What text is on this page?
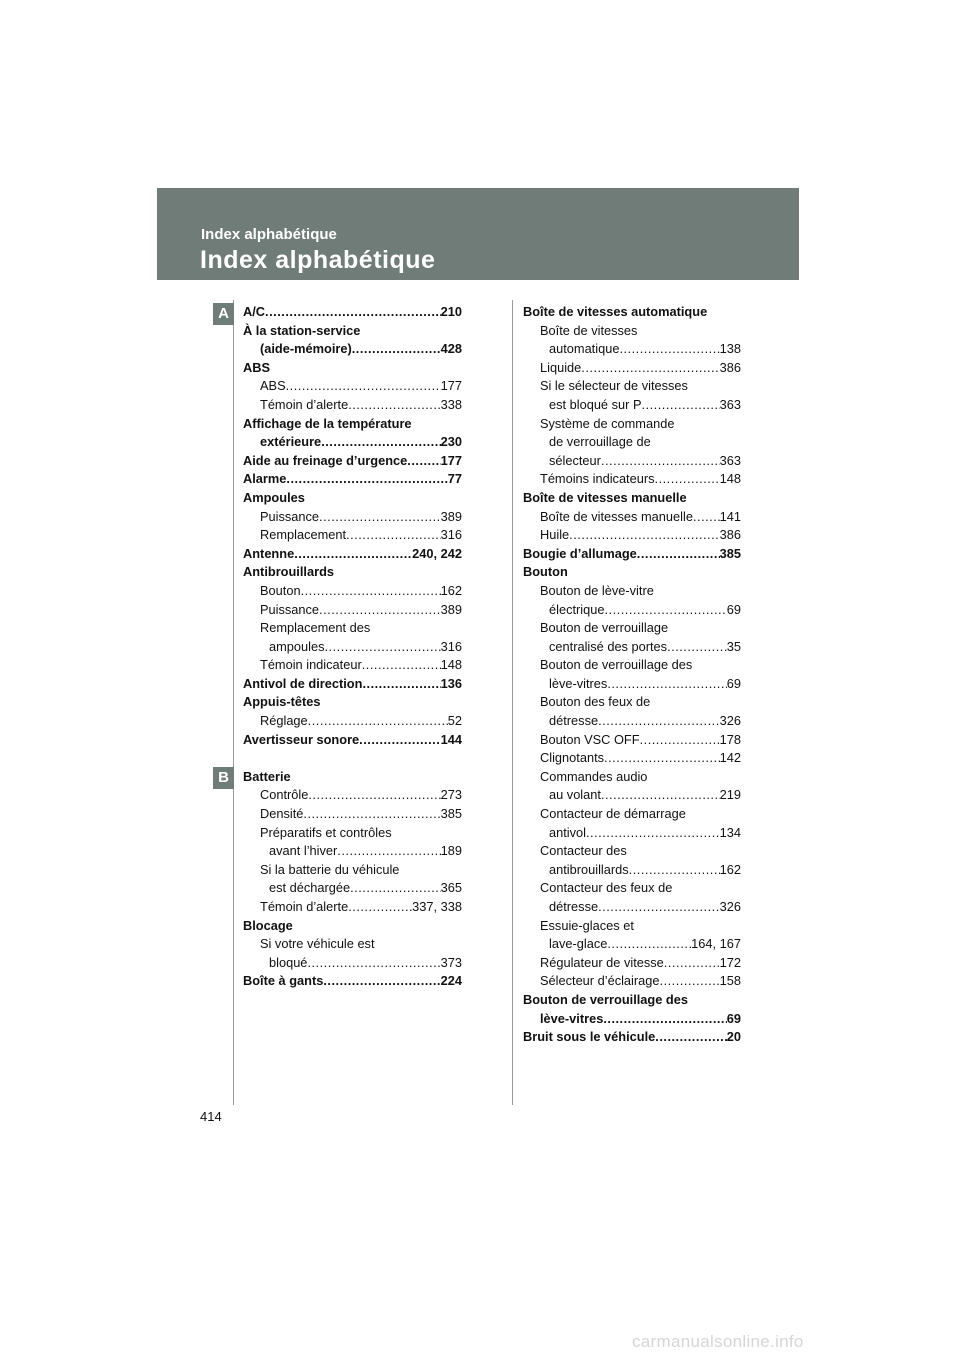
Index alphabétique
Index alphabétique
A
B
A/C .....	210
À la station-service
(aide-mémoire) .....	428
ABS
ABS .....	177
Témoin d’alerte .....	338
Affichage de la température
extérieure .....	230
Aide au freinage d’urgence .....	177
Alarme .....	77
Ampoules
Puissance .....	389
Remplacement .....	316
Antenne .....	240, 242
Antibrouillards
Bouton .....	162
Puissance .....	389
Remplacement des
ampoules .....	316
Témoin indicateur .....	148
Antivol de direction .....	136
Appuis-têtes
Réglage .....	52
Avertisseur sonore .....	144
Batterie
Contrôle .....	273
Densité .....	385
Préparatifs et contrôles
avant l’hiver .....	189
Si la batterie du véhicule
est déchargée .....	365
Témoin d’alerte .....	337, 338
Blocage
Si votre véhicule est
bloqué .....	373
Boîte à gants .....	224
Boîte de vitesses automatique
Boîte de vitesses
automatique .....	138
Liquide .....	386
Si le sélecteur de vitesses
est bloqué sur P .....	363
Système de commande
de verrouillage de
sélecteur .....	363
Témoins indicateurs .....	148
Boîte de vitesses manuelle
Boîte de vitesses manuelle ..... 141
Huile .....	386
Bougie d’allumage .....	385
Bouton
Bouton de lève-vitre
électrique .....	69
Bouton de verrouillage
centralisé des portes .....	35
Bouton de verrouillage des
lève-vitres .....	69
Bouton des feux de
détresse .....	326
Bouton VSC OFF .....	178
Clignotants .....	142
Commandes audio
au volant .....	219
Contacteur de démarrage
antivol .....	134
Contacteur des
antibrouillards .....	162
Contacteur des feux de
détresse .....	326
Essuie-glaces et
lave-glace .....	164, 167
Régulateur de vitesse .....	172
Sélecteur d’éclairage .....	158
Bouton de verrouillage des
lève-vitres .....	69
Bruit sous le véhicule .....	20
414
carmanualsonline.info
